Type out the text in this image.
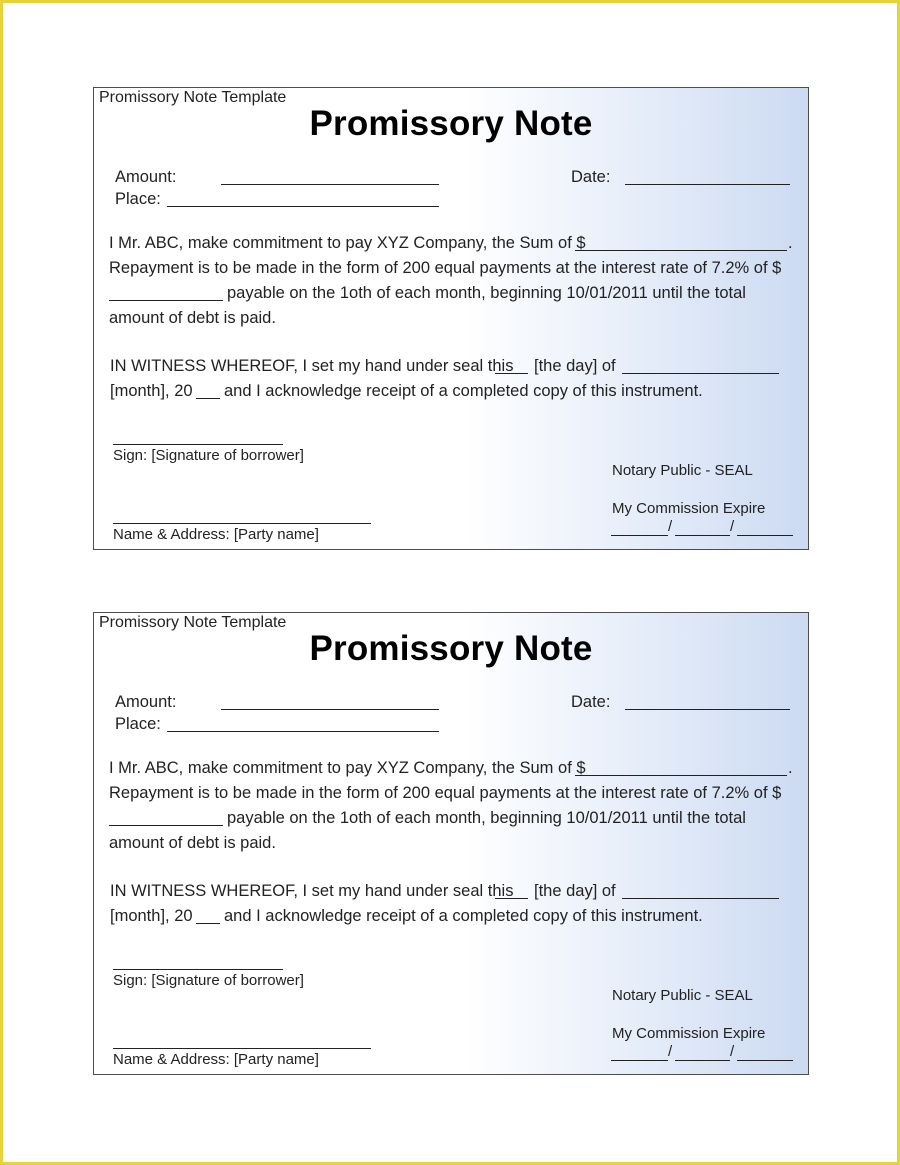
Promissory Note Template
Promissory Note
Amount:	Date:
Place:
I Mr. ABC, make commitment to pay XYZ Company, the Sum of $	.
Repayment is to be made in the form of 200 equal payments at the interest rate of 7.2% of $
payable on the 1oth of each month, beginning 10/01/2011 until the total
amount of debt is paid.
IN WITNESS WHEREOF, I set my hand under seal this [the day] of
[month], 20 and I acknowledge receipt of a completed copy of this instrument.
Sign: [Signature of borrower]
Name & Address: [Party name]
Notary Public - SEAL
My Commission Expire
/	/
Promissory Note Template
Promissory Note
Amount:	Date:
Place:
I Mr. ABC, make commitment to pay XYZ Company, the Sum of $	.
Repayment is to be made in the form of 200 equal payments at the interest rate of 7.2% of $
payable on the 1oth of each month, beginning 10/01/2011 until the total
amount of debt is paid.
IN WITNESS WHEREOF, I set my hand under seal this [the day] of
[month], 20 and I acknowledge receipt of a completed copy of this instrument.
Sign: [Signature of borrower]
Name & Address: [Party name]
Notary Public - SEAL
My Commission Expire
/	/
